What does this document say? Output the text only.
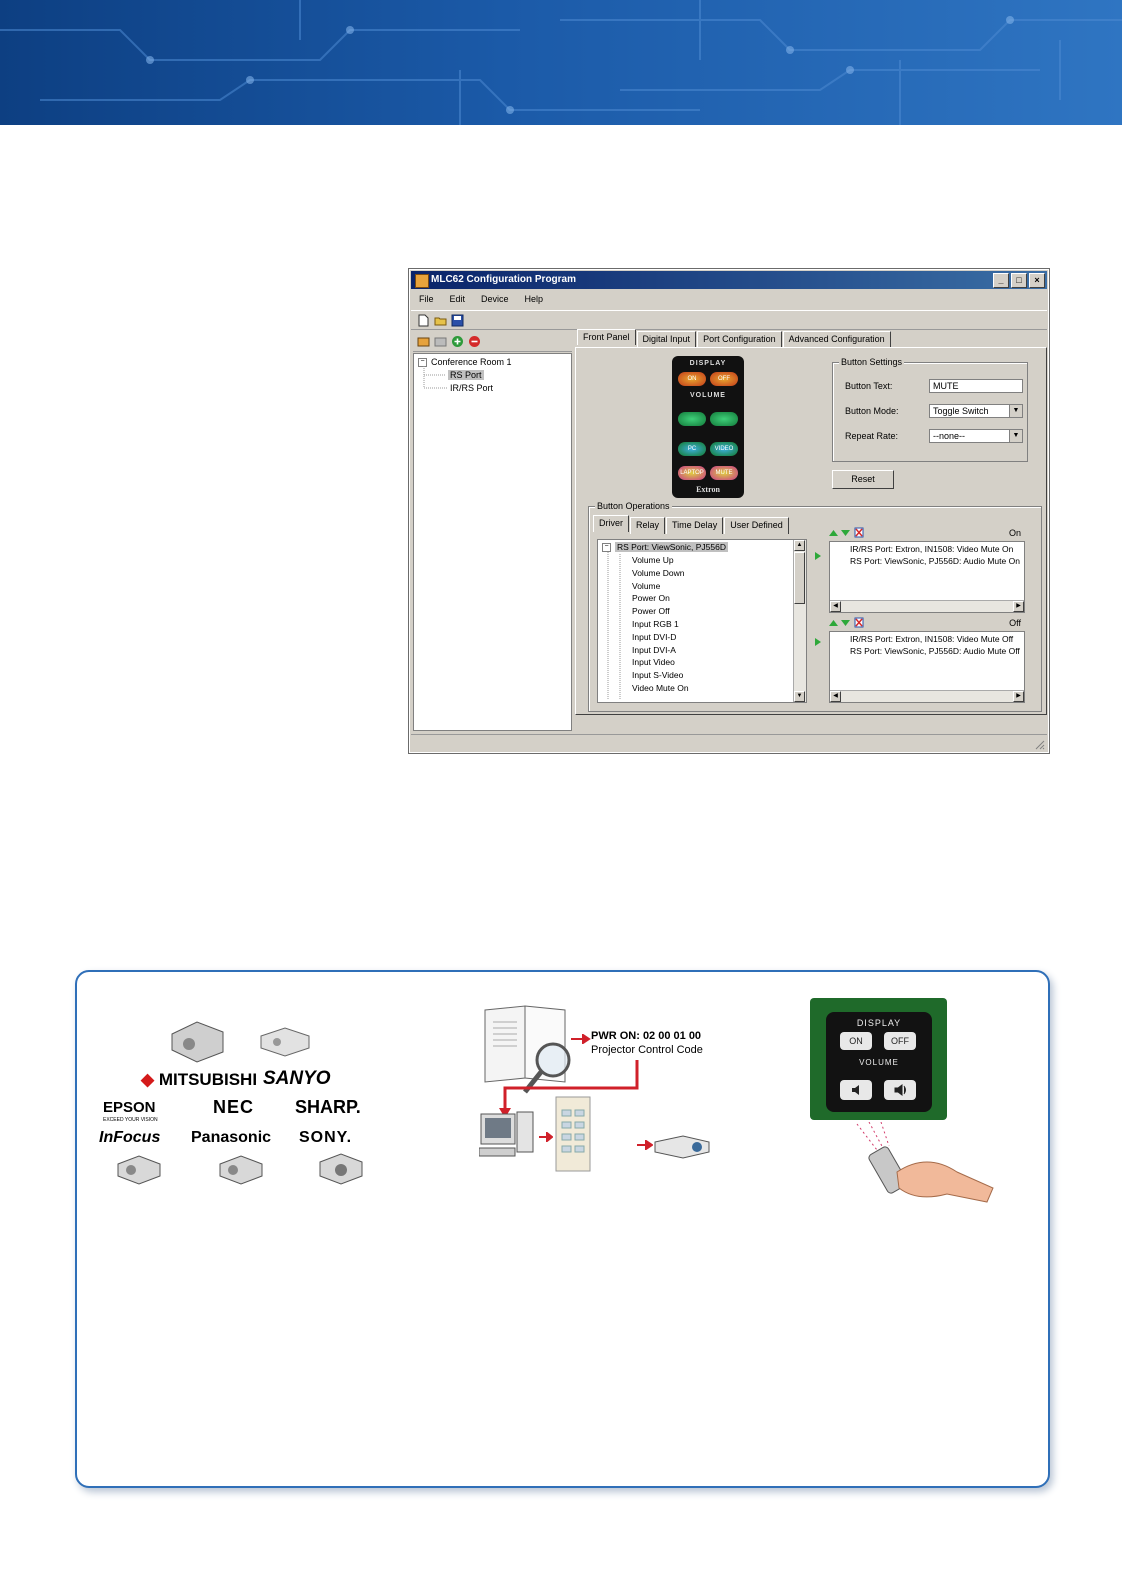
MLC62 Configuration Program	_	□	×
File	Edit	Device	Help
− Conference Room 1
RS Port
IR/RS Port
Front Panel	Digital Input	Port Configuration	Advanced Configuration
DISPLAY
ON	OFF
VOLUME
PC	VIDEO
LAPTOP	MUTE
Extron
Button Settings
Button Text:	MUTE
Button Mode:	Toggle Switch	▼
Repeat Rate:	--none--	▼
Reset
Button Operations
Driver	Relay	Time Delay	User Defined
− RS Port: ViewSonic, PJ556D
Volume Up
Volume Down
Volume
Power On
Power Off
Input RGB 1
Input DVI-D
Input DVI-A
Input Video
Input S-Video
Video Mute On
▲
▼
On
IR/RS Port: Extron, IN1508: Video Mute On
RS Port: ViewSonic, PJ556D: Audio Mute On
◀	▶
Off
IR/RS Port: Extron, IN1508: Video Mute Off
RS Port: ViewSonic, PJ556D: Audio Mute Off
◀	▶
◆ MITSUBISHI SANYO
EPSON
EXCEED YOUR VISION
NEC SHARP.
InFocus Panasonic SONY.
PWR ON: 02 00 01 00
Projector Control Code
DISPLAY
ON	OFF
VOLUME
